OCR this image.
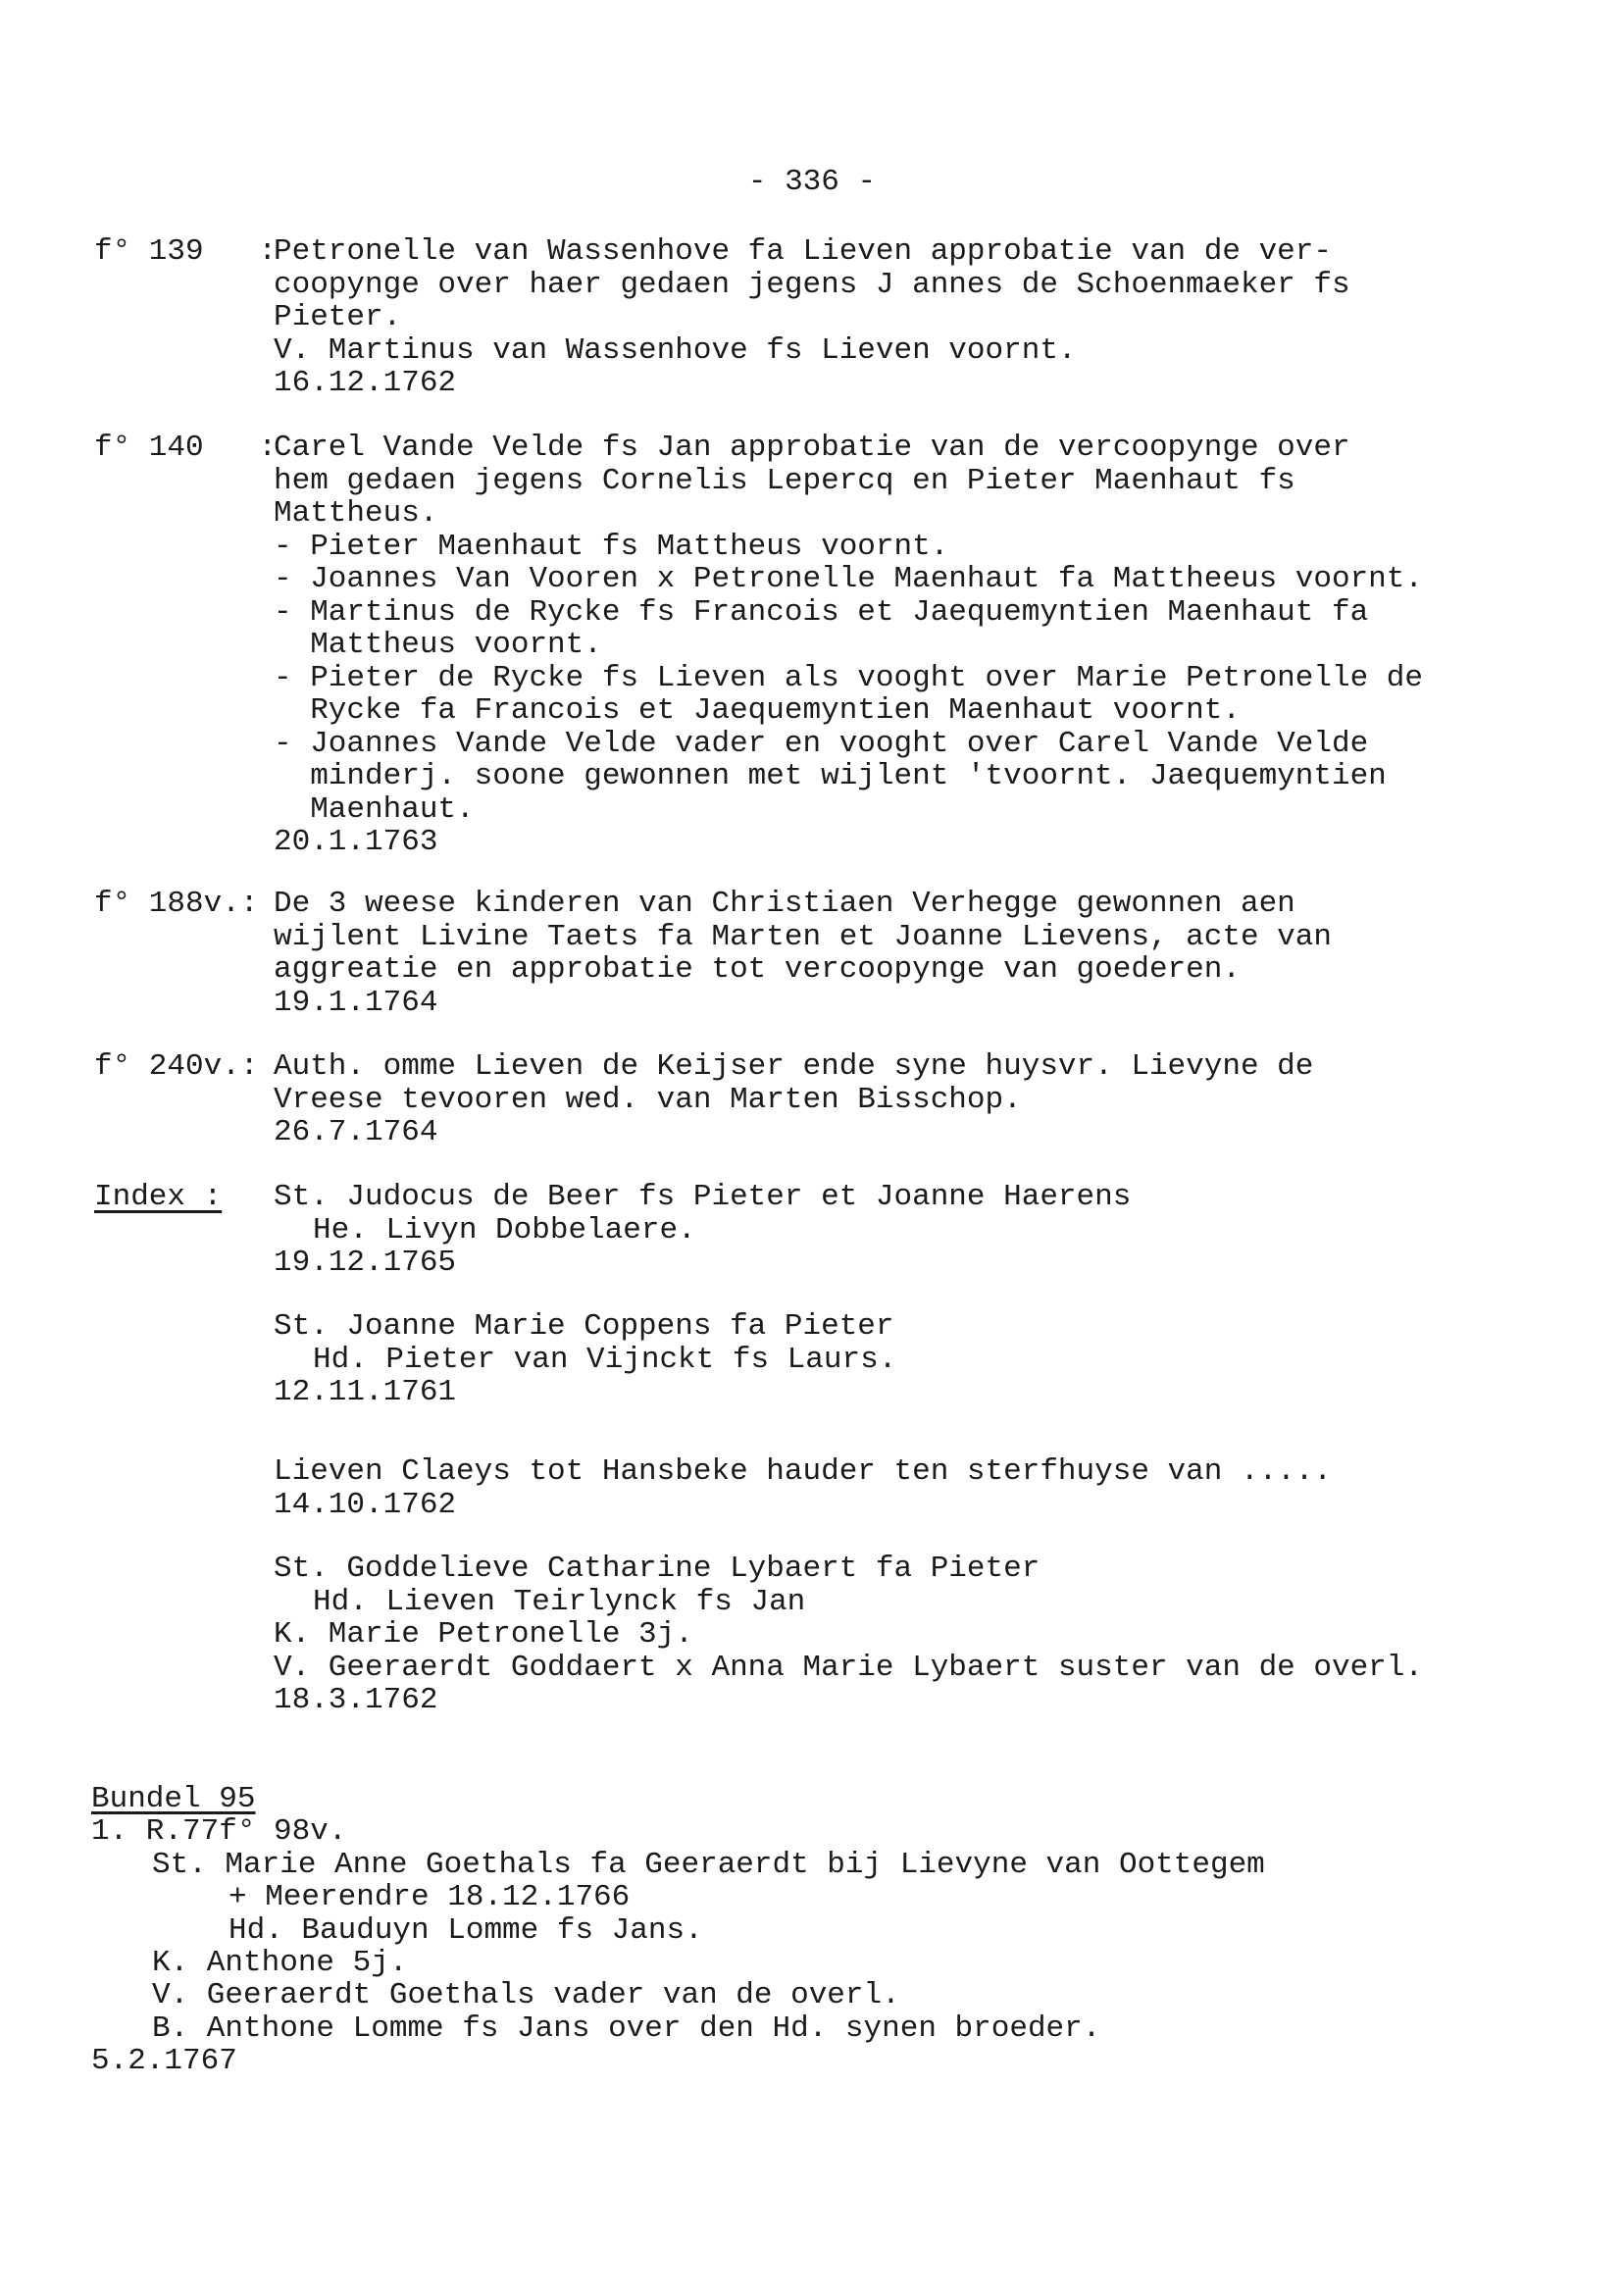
- 336 -
f° 139   :
Petronelle van Wassenhove fa Lieven approbatie van de ver-
coopynge over haer gedaen jegens J annes de Schoenmaeker fs
Pieter.
V. Martinus van Wassenhove fs Lieven voornt.
16.12.1762
f° 140   :
Carel Vande Velde fs Jan approbatie van de vercoopynge over
hem gedaen jegens Cornelis Lepercq en Pieter Maenhaut fs
Mattheus.
- Pieter Maenhaut fs Mattheus voornt.
- Joannes Van Vooren x Petronelle Maenhaut fa Mattheeus voornt.
- Martinus de Rycke fs Francois et Jaequemyntien Maenhaut fa
Mattheus voornt.
- Pieter de Rycke fs Lieven als vooght over Marie Petronelle de
Rycke fa Francois et Jaequemyntien Maenhaut voornt.
- Joannes Vande Velde vader en vooght over Carel Vande Velde
minderj. soone gewonnen met wijlent 'tvoornt. Jaequemyntien
Maenhaut.
20.1.1763
f° 188v.: De 3 weese kinderen van Christiaen Verhegge gewonnen aen
wijlent Livine Taets fa Marten et Joanne Lievens, acte van
aggreatie en approbatie tot vercoopynge van goederen.
19.1.1764
f° 240v.: Auth. omme Lieven de Keijser ende syne huysvr. Lievyne de
Vreese tevooren wed. van Marten Bisschop.
26.7.1764
Index :	St. Judocus de Beer fs Pieter et Joanne Haerens
He. Livyn Dobbelaere.
19.12.1765
St. Joanne Marie Coppens fa Pieter
Hd. Pieter van Vijnckt fs Laurs.
12.11.1761
Lieven Claeys tot Hansbeke hauder ten sterfhuyse van .....
14.10.1762
St. Goddelieve Catharine Lybaert fa Pieter
Hd. Lieven Teirlynck fs Jan
K. Marie Petronelle 3j.
V. Geeraerdt Goddaert x Anna Marie Lybaert suster van de overl.
18.3.1762
Bundel 95
1. R.77f° 98v.
St. Marie Anne Goethals fa Geeraerdt bij Lievyne van Oottegem
+ Meerendre 18.12.1766
Hd. Bauduyn Lomme fs Jans.
K. Anthone 5j.
V. Geeraerdt Goethals vader van de overl.
B. Anthone Lomme fs Jans over den Hd. synen broeder.
5.2.1767
